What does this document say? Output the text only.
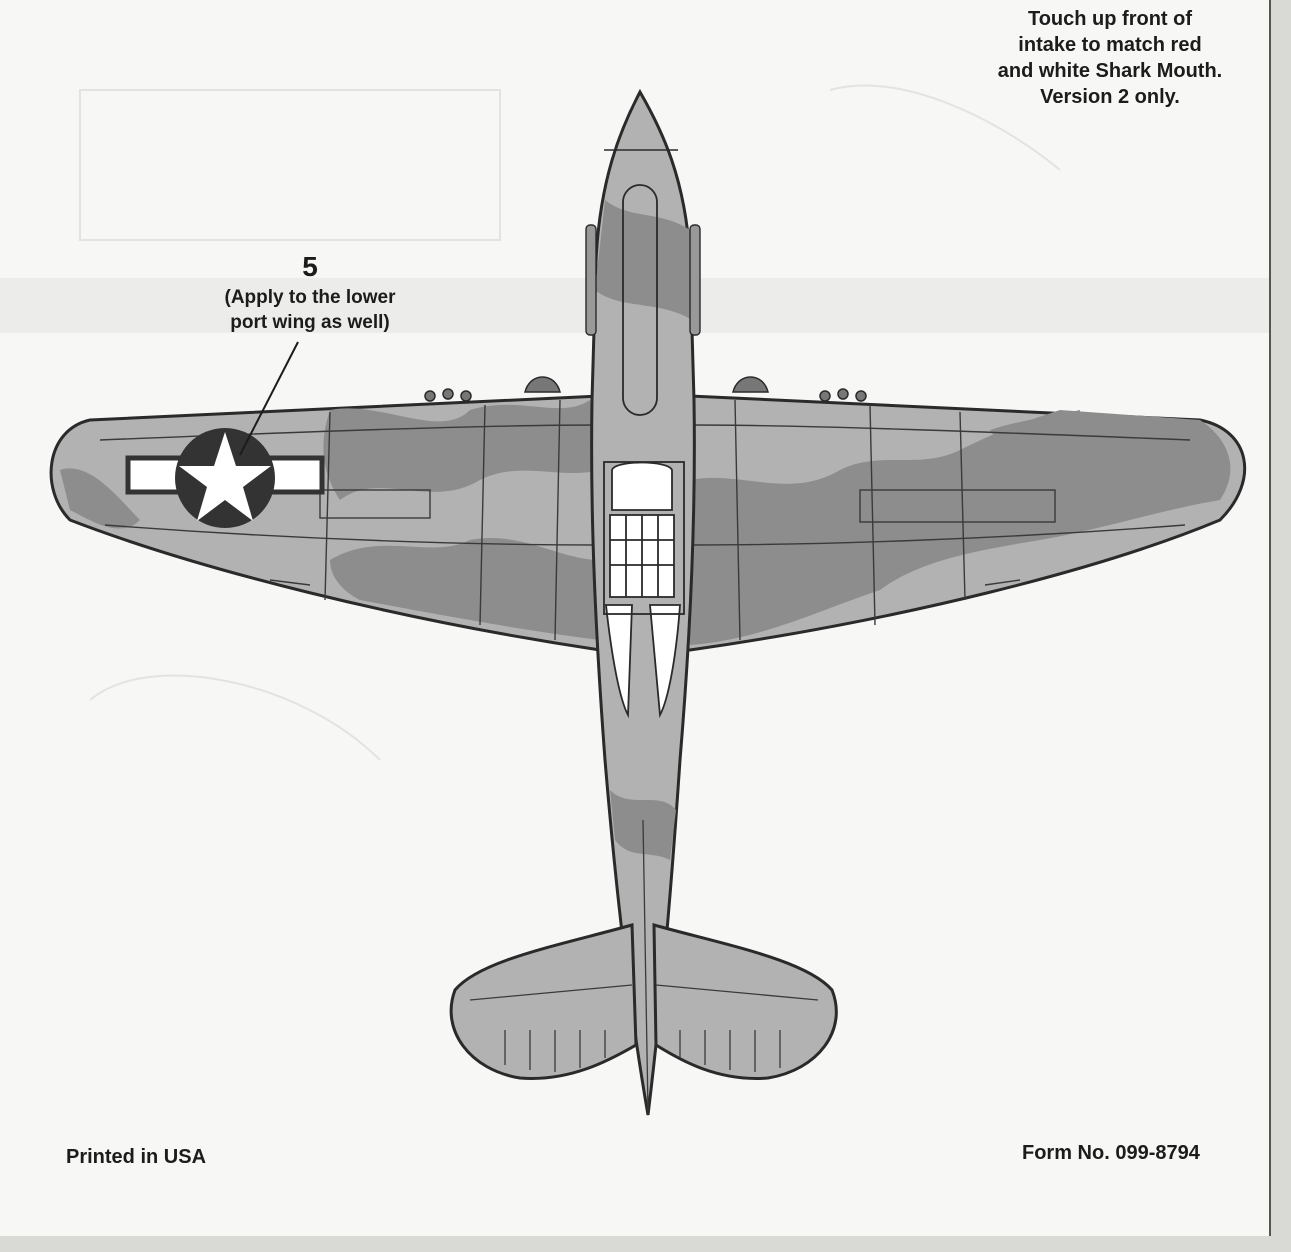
Touch up front of
intake to match red
and white Shark Mouth.
Version 2 only.
5
(Apply to the lower
port wing as well)
Printed in USA	Form No. 099-8794
